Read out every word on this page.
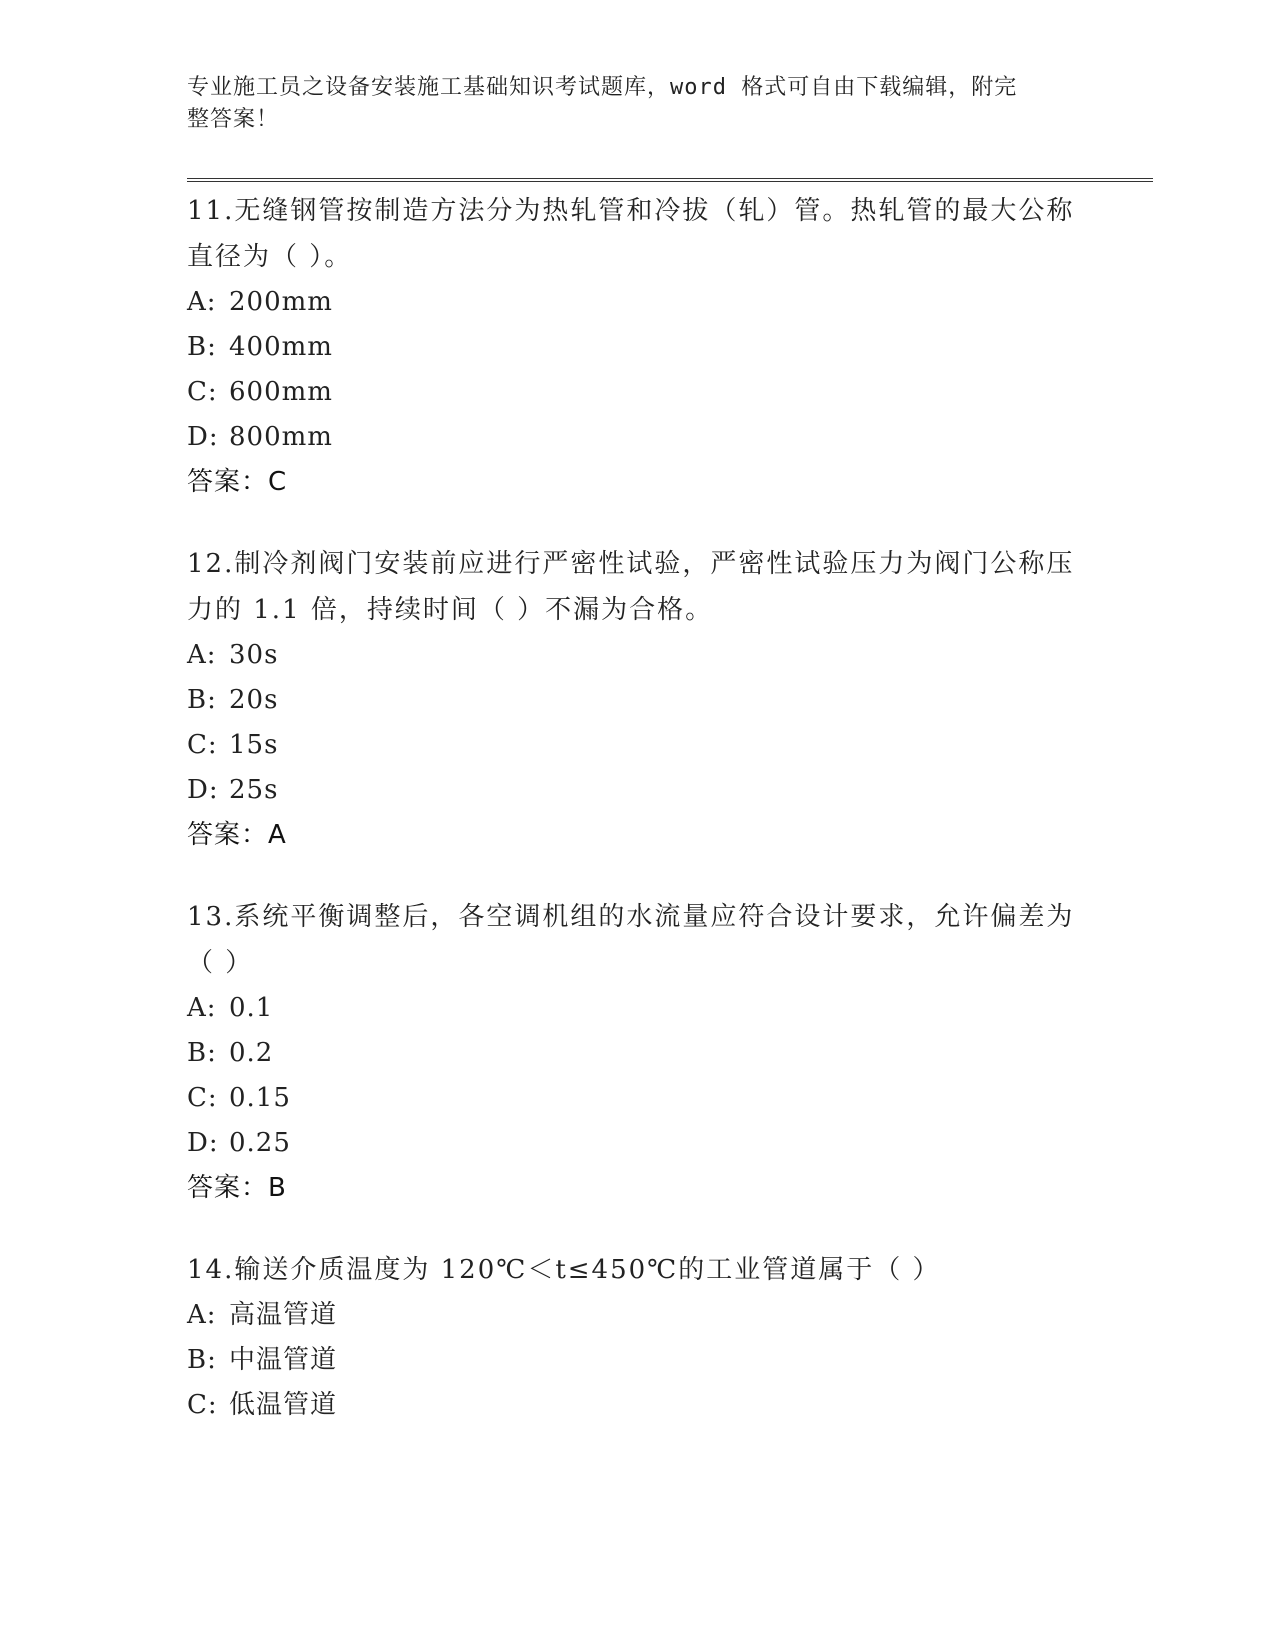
专业施工员之设备安装施工基础知识考试题库，word 格式可自由下载编辑，附完
整答案！

11.无缝钢管按制造方法分为热轧管和冷拔（轧）管。热轧管的最大公称直径为（ ）。

A: 200mm
B: 400mm
C: 600mm
D: 800mm

答案：C

12.制冷剂阀门安装前应进行严密性试验，严密性试验压力为阀门公称压力的 1.1 倍，持续时间（ ）不漏为合格。

A: 30s
B: 20s
C: 15s
D: 25s

答案：A

13.系统平衡调整后，各空调机组的水流量应符合设计要求，允许偏差为（ ）

A: 0.1
B: 0.2
C: 0.15
D: 0.25

答案：B

14.输送介质温度为 120℃＜t≤450℃的工业管道属于（ ）

A: 高温管道
B: 中温管道
C: 低温管道
